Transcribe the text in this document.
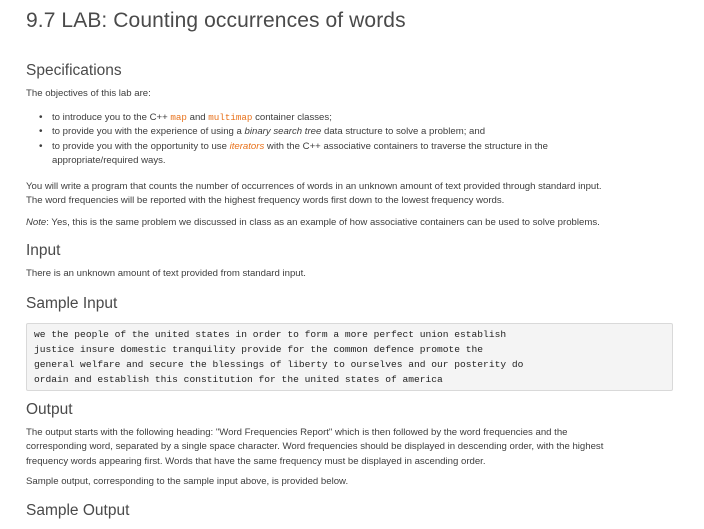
9.7 LAB: Counting occurrences of words
Specifications

The objectives of this lab are:

• to introduce you to the C++ map and multimap container classes;
• to provide you with the experience of using a binary search tree data structure to solve a problem; and
• to provide you with the opportunity to use iterators with the C++ associative containers to traverse the structure in the
appropriate/required ways.

You will write a program that counts the number of occurrences of words in an unknown amount of text provided through standard input.
The word frequencies will be reported with the highest frequency words first down to the lowest frequency words.

Note: Yes, this is the same problem we discussed in class as an example of how associative containers can be used to solve problems.

Input

There is an unknown amount of text provided from standard input.

Sample Input
we the people of the united states in order to form a more perfect union establish
justice insure domestic tranquility provide for the common defence promote the
general welfare and secure the blessings of liberty to ourselves and our posterity do
ordain and establish this constitution for the united states of america
Output

The output starts with the following heading: "Word Frequencies Report" which is then followed by the word frequencies and the
corresponding word, separated by a single space character. Word frequencies should be displayed in descending order, with the highest
frequency words appearing first. Words that have the same frequency must be displayed in ascending order.

Sample output, corresponding to the sample input above, is provided below.

Sample Output
